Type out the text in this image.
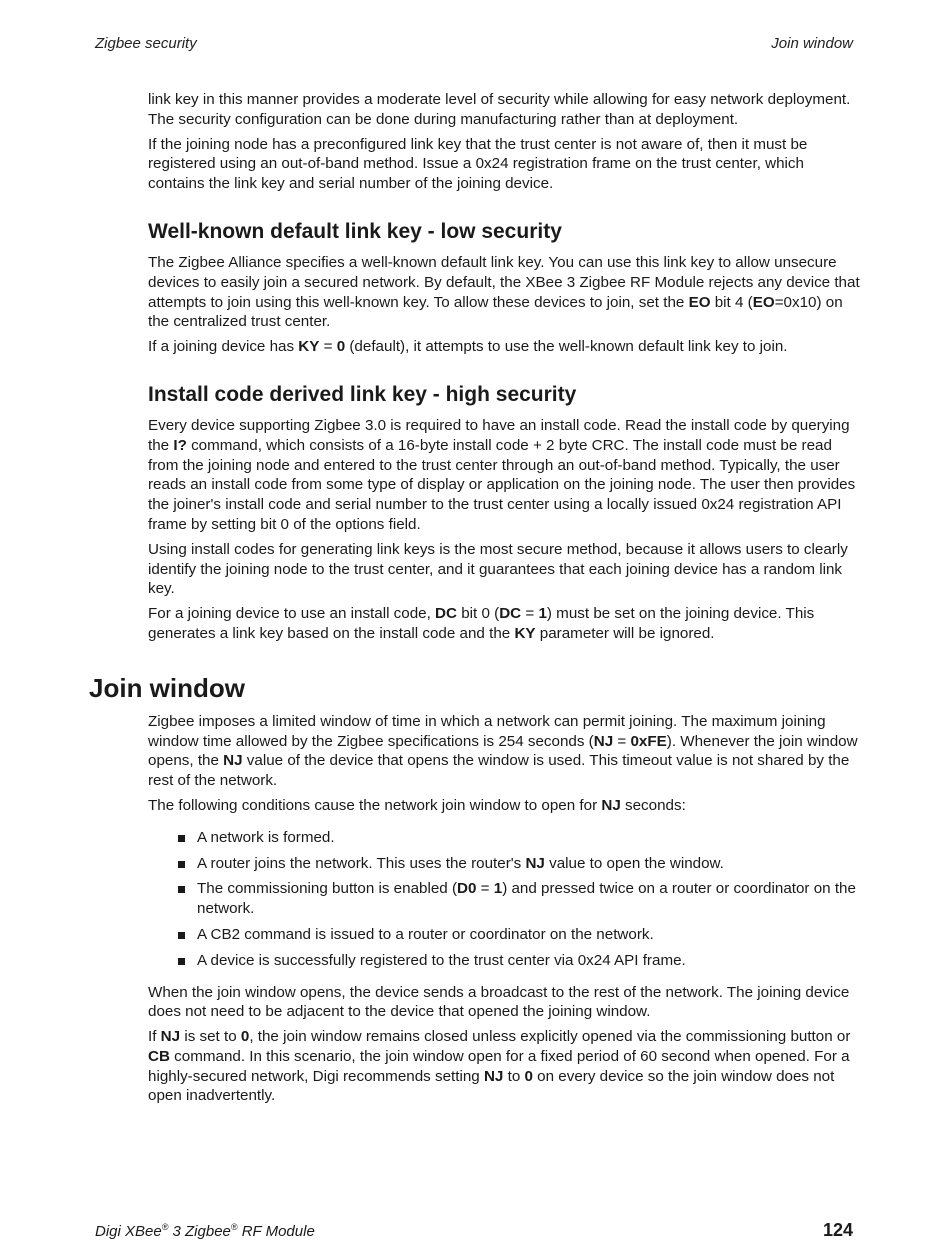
Zigbee security	Join window

link key in this manner provides a moderate level of security while allowing for easy network deployment. The security configuration can be done during manufacturing rather than at deployment.

If the joining node has a preconfigured link key that the trust center is not aware of, then it must be registered using an out-of-band method. Issue a 0x24 registration frame on the trust center, which contains the link key and serial number of the joining device.

Well-known default link key - low security

The Zigbee Alliance specifies a well-known default link key. You can use this link key to allow unsecure devices to easily join a secured network. By default, the XBee 3 Zigbee RF Module rejects any device that attempts to join using this well-known key. To allow these devices to join, set the EO bit 4 (EO=0x10) on the centralized trust center.

If a joining device has KY = 0 (default), it attempts to use the well-known default link key to join.

Install code derived link key - high security

Every device supporting Zigbee 3.0 is required to have an install code. Read the install code by querying the I? command, which consists of a 16-byte install code + 2 byte CRC. The install code must be read from the joining node and entered to the trust center through an out-of-band method. Typically, the user reads an install code from some type of display or application on the joining node. The user then provides the joiner's install code and serial number to the trust center using a locally issued 0x24 registration API frame by setting bit 0 of the options field.

Using install codes for generating link keys is the most secure method, because it allows users to clearly identify the joining node to the trust center, and it guarantees that each joining device has a random link key.

For a joining device to use an install code, DC bit 0 (DC = 1) must be set on the joining device. This generates a link key based on the install code and the KY parameter will be ignored.

Join window

Zigbee imposes a limited window of time in which a network can permit joining. The maximum joining window time allowed by the Zigbee specifications is 254 seconds (NJ = 0xFE). Whenever the join window opens, the NJ value of the device that opens the window is used. This timeout value is not shared by the rest of the network.

The following conditions cause the network join window to open for NJ seconds:

A network is formed.
A router joins the network. This uses the router's NJ value to open the window.
The commissioning button is enabled (D0 = 1) and pressed twice on a router or coordinator on the network.
A CB2 command is issued to a router or coordinator on the network.
A device is successfully registered to the trust center via 0x24 API frame.

When the join window opens, the device sends a broadcast to the rest of the network. The joining device does not need to be adjacent to the device that opened the joining window.

If NJ is set to 0, the join window remains closed unless explicitly opened via the commissioning button or CB command. In this scenario, the join window open for a fixed period of 60 second when opened. For a highly-secured network, Digi recommends setting NJ to 0 on every device so the join window does not open inadvertently.

Digi XBee® 3 Zigbee® RF Module	124
